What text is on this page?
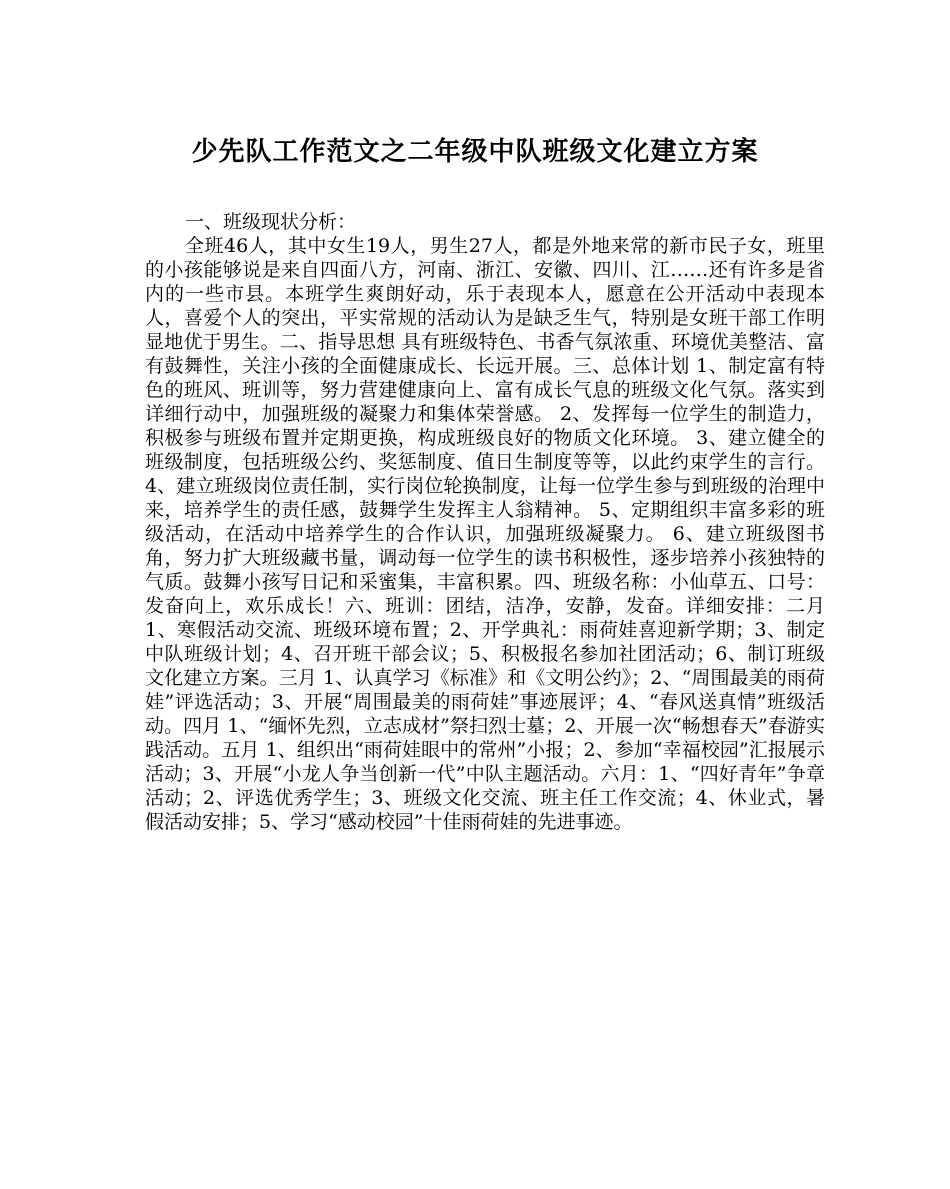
少先队工作范文之二年级中队班级文化建立方案

一、班级现状分析：

全班46人，其中女生19人，男生27人，都是外地来常的新市民子女，班里的小孩能够说是来自四面八方，河南、浙江、安徽、四川、江……还有许多是省内的一些市县。本班学生爽朗好动，乐于表现本人，愿意在公开活动中表现本人，喜爱个人的突出，平实常规的活动认为是缺乏生气，特别是女班干部工作明显地优于男生。二、指导思想 具有班级特色、书香气氛浓重、环境优美整洁、富有鼓舞性，关注小孩的全面健康成长、长远开展。三、总体计划 1、制定富有特色的班风、班训等，努力营建健康向上、富有成长气息的班级文化气氛。落实到详细行动中，加强班级的凝聚力和集体荣誉感。 2、发挥每一位学生的制造力，积极参与班级布置并定期更换，构成班级良好的物质文化环境。 3、建立健全的班级制度，包括班级公约、奖惩制度、值日生制度等等，以此约束学生的言行。 4、建立班级岗位责任制，实行岗位轮换制度，让每一位学生参与到班级的治理中来，培养学生的责任感，鼓舞学生发挥主人翁精神。 5、定期组织丰富多彩的班级活动，在活动中培养学生的合作认识，加强班级凝聚力。 6、建立班级图书角，努力扩大班级藏书量，调动每一位学生的读书积极性，逐步培养小孩独特的气质。鼓舞小孩写日记和采蜜集，丰富积累。四、班级名称：小仙草五、口号：发奋向上，欢乐成长！六、班训：团结，洁净，安静，发奋。详细安排：二月 1、寒假活动交流、班级环境布置；2、开学典礼：雨荷娃喜迎新学期；3、制定中队班级计划；4、召开班干部会议；5、积极报名参加社团活动；6、制订班级文化建立方案。三月 1、认真学习《标准》和《文明公约》；2、“周围最美的雨荷娃”评选活动；3、开展“周围最美的雨荷娃”事迹展评；4、“春风送真情”班级活动。四月 1、“缅怀先烈，立志成材”祭扫烈士墓；2、开展一次“畅想春天”春游实践活动。五月 1、组织出“雨荷娃眼中的常州”小报；2、参加“幸福校园”汇报展示活动；3、开展“小龙人争当创新一代”中队主题活动。六月：1、“四好青年”争章活动；2、评选优秀学生；3、班级文化交流、班主任工作交流；4、休业式，暑假活动安排；5、学习“感动校园”十佳雨荷娃的先进事迹。
